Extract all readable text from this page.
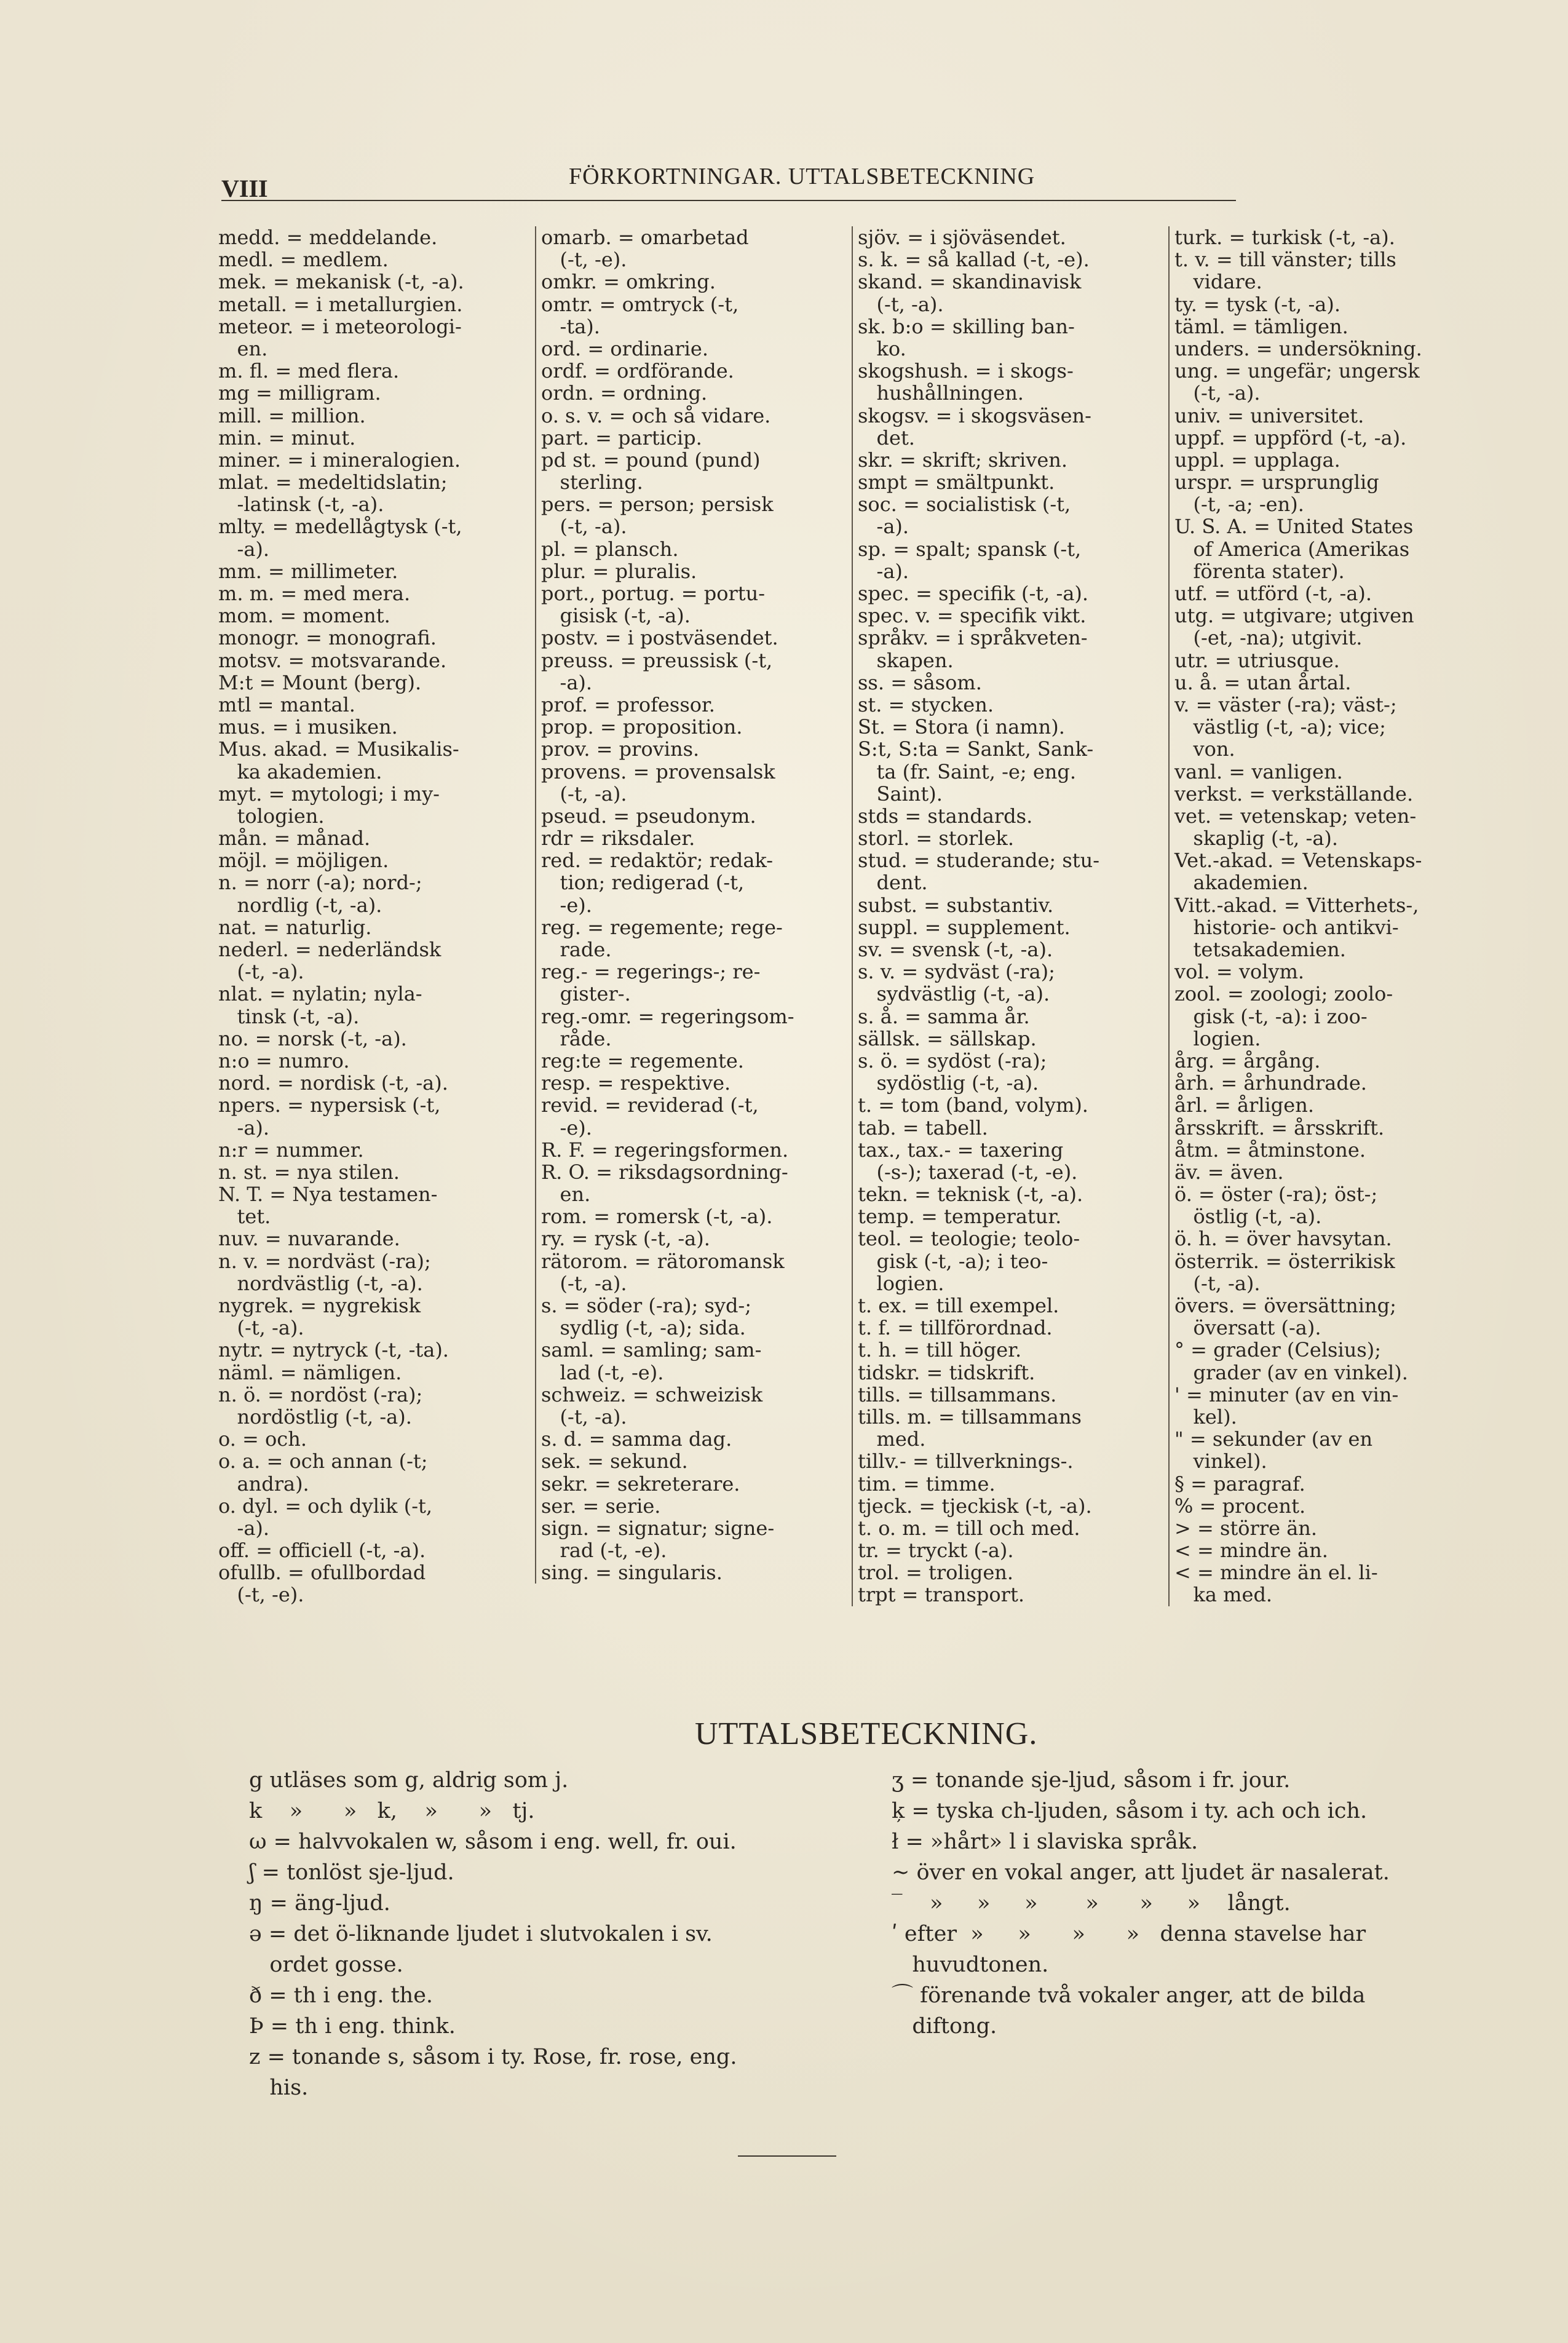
VIII	FÖRKORTNINGAR. UTTALSBETECKNING
medd. = meddelande.
medl. = medlem.
mek. = mekanisk (-t, -a).
metall. = i metallurgien.
meteor. = i meteorologi-
en.
m. fl. = med flera.
mg = milligram.
mill. = million.
min. = minut.
miner. = i mineralogien.
mlat. = medeltidslatin;
-latinsk (-t, -a).
mlty. = medellågtysk (-t,
-a).
mm. = millimeter.
m. m. = med mera.
mom. = moment.
monogr. = monografi.
motsv. = motsvarande.
M:t = Mount (berg).
mtl = mantal.
mus. = i musiken.
Mus. akad. = Musikalis-
ka akademien.
myt. = mytologi; i my-
tologien.
mån. = månad.
möjl. = möjligen.
n. = norr (-a); nord-;
nordlig (-t, -a).
nat. = naturlig.
nederl. = nederländsk
(-t, -a).
nlat. = nylatin; nyla-
tinsk (-t, -a).
no. = norsk (-t, -a).
n:o = numro.
nord. = nordisk (-t, -a).
npers. = nypersisk (-t,
-a).
n:r = nummer.
n. st. = nya stilen.
N. T. = Nya testamen-
tet.
nuv. = nuvarande.
n. v. = nordväst (-ra);
nordvästlig (-t, -a).
nygrek. = nygrekisk
(-t, -a).
nytr. = nytryck (-t, -ta).
näml. = nämligen.
n. ö. = nordöst (-ra);
nordöstlig (-t, -a).
o. = och.
o. a. = och annan (-t;
andra).
o. dyl. = och dylik (-t,
-a).
off. = officiell (-t, -a).
ofullb. = ofullbordad
(-t, -e).
omarb. = omarbetad
(-t, -e).
omkr. = omkring.
omtr. = omtryck (-t,
-ta).
ord. = ordinarie.
ordf. = ordförande.
ordn. = ordning.
o. s. v. = och så vidare.
part. = particip.
pd st. = pound (pund)
sterling.
pers. = person; persisk
(-t, -a).
pl. = plansch.
plur. = pluralis.
port., portug. = portu-
gisisk (-t, -a).
postv. = i postväsendet.
preuss. = preussisk (-t,
-a).
prof. = professor.
prop. = proposition.
prov. = provins.
provens. = provensalsk
(-t, -a).
pseud. = pseudonym.
rdr = riksdaler.
red. = redaktör; redak-
tion; redigerad (-t,
-e).
reg. = regemente; rege-
rade.
reg.- = regerings-; re-
gister-.
reg.-omr. = regeringsom-
råde.
reg:te = regemente.
resp. = respektive.
revid. = reviderad (-t,
-e).
R. F. = regeringsformen.
R. O. = riksdagsordning-
en.
rom. = romersk (-t, -a).
ry. = rysk (-t, -a).
rätorom. = rätoromansk
(-t, -a).
s. = söder (-ra); syd-;
sydlig (-t, -a); sida.
saml. = samling; sam-
lad (-t, -e).
schweiz. = schweizisk
(-t, -a).
s. d. = samma dag.
sek. = sekund.
sekr. = sekreterare.
ser. = serie.
sign. = signatur; signe-
rad (-t, -e).
sing. = singularis.
sjöv. = i sjöväsendet.
s. k. = så kallad (-t, -e).
skand. = skandinavisk
(-t, -a).
sk. b:o = skilling ban-
ko.
skogshush. = i skogs-
hushållningen.
skogsv. = i skogsväsen-
det.
skr. = skrift; skriven.
smpt = smältpunkt.
soc. = socialistisk (-t,
-a).
sp. = spalt; spansk (-t,
-a).
spec. = specifik (-t, -a).
spec. v. = specifik vikt.
språkv. = i språkveten-
skapen.
ss. = såsom.
st. = stycken.
St. = Stora (i namn).
S:t, S:ta = Sankt, Sank-
ta (fr. Saint, -e; eng.
Saint).
stds = standards.
storl. = storlek.
stud. = studerande; stu-
dent.
subst. = substantiv.
suppl. = supplement.
sv. = svensk (-t, -a).
s. v. = sydväst (-ra);
sydvästlig (-t, -a).
s. å. = samma år.
sällsk. = sällskap.
s. ö. = sydöst (-ra);
sydöstlig (-t, -a).
t. = tom (band, volym).
tab. = tabell.
tax., tax.- = taxering
(-s-); taxerad (-t, -e).
tekn. = teknisk (-t, -a).
temp. = temperatur.
teol. = teologie; teolo-
gisk (-t, -a); i teo-
logien.
t. ex. = till exempel.
t. f. = tillförordnad.
t. h. = till höger.
tidskr. = tidskrift.
tills. = tillsammans.
tills. m. = tillsammans
med.
tillv.- = tillverknings-.
tim. = timme.
tjeck. = tjeckisk (-t, -a).
t. o. m. = till och med.
tr. = tryckt (-a).
trol. = troligen.
trpt = transport.
turk. = turkisk (-t, -a).
t. v. = till vänster; tills
vidare.
ty. = tysk (-t, -a).
täml. = tämligen.
unders. = undersökning.
ung. = ungefär; ungersk
(-t, -a).
univ. = universitet.
uppf. = uppförd (-t, -a).
uppl. = upplaga.
urspr. = ursprunglig
(-t, -a; -en).
U. S. A. = United States
of America (Amerikas
förenta stater).
utf. = utförd (-t, -a).
utg. = utgivare; utgiven
(-et, -na); utgivit.
utr. = utriusque.
u. å. = utan årtal.
v. = väster (-ra); väst-;
västlig (-t, -a); vice;
von.
vanl. = vanligen.
verkst. = verkställande.
vet. = vetenskap; veten-
skaplig (-t, -a).
Vet.-akad. = Vetenskaps-
akademien.
Vitt.-akad. = Vitterhets-,
historie- och antikvi-
tetsakademien.
vol. = volym.
zool. = zoologi; zoolo-
gisk (-t, -a): i zoo-
logien.
årg. = årgång.
årh. = århundrade.
årl. = årligen.
årsskrift. = årsskrift.
åtm. = åtminstone.
äv. = även.
ö. = öster (-ra); öst-;
östlig (-t, -a).
ö. h. = över havsytan.
österrik. = österrikisk
(-t, -a).
övers. = översättning;
översatt (-a).
° = grader (Celsius);
grader (av en vinkel).
' = minuter (av en vin-
kel).
" = sekunder (av en
vinkel).
§ = paragraf.
% = procent.
> = större än.
< = mindre än.
< = mindre än el. li-
ka med.
UTTALSBETECKNING.
g utläses som g, aldrig som j.
k    »      »   k,    »      »   tj.
ω = halvvokalen w, såsom i eng. well, fr. oui.
ʃ = tonlöst sje-ljud.
ŋ = äng-ljud.
ə = det ö-liknande ljudet i slutvokalen i sv.
ordet gosse.
ð = th i eng. the.
Þ = th i eng. think.
z = tonande s, såsom i ty. Rose, fr. rose, eng.
his.
ʒ = tonande sje-ljud, såsom i fr. jour.
ķ = tyska ch-ljuden, såsom i ty. ach och ich.
ł = »hårt» l i slaviska språk.
~ över en vokal anger, att ljudet är nasalerat.
‾    »     »     »       »      »     »    långt.
ʹ efter  »     »      »      »   denna stavelse har
huvudtonen.
⌒ förenande två vokaler anger, att de bilda
diftong.
